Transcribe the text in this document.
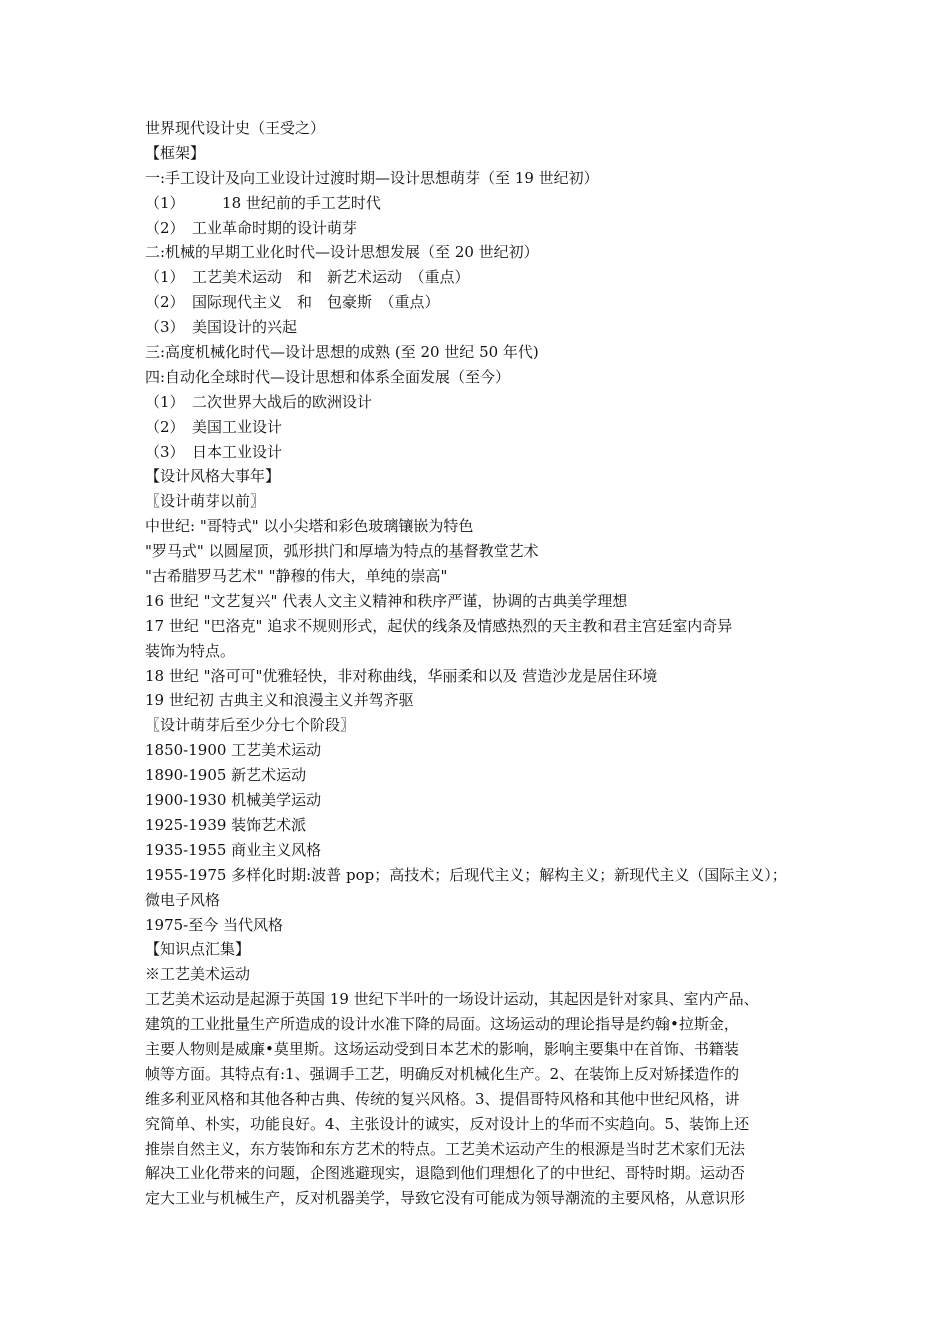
世界现代设计史（王受之）
【框架】
一:手工设计及向工业设计过渡时期—设计思想萌芽（至 19 世纪初）
（1）　　　18 世纪前的手工艺时代
（2）　工业革命时期的设计萌芽
二:机械的早期工业化时代—设计思想发展（至 20 世纪初）
（1）　工艺美术运动　和　新艺术运动　（重点）
（2）　国际现代主义　和　包豪斯　（重点）
（3）　美国设计的兴起
三:高度机械化时代—设计思想的成熟 (至 20 世纪 50 年代)
四:自动化全球时代—设计思想和体系全面发展（至今）
（1）　二次世界大战后的欧洲设计
（2）　美国工业设计
（3）　日本工业设计
【设计风格大事年】
〖设计萌芽以前〗
中世纪: "哥特式" 以小尖塔和彩色玻璃镶嵌为特色
"罗马式" 以圆屋顶，弧形拱门和厚墙为特点的基督教堂艺术
"古希腊罗马艺术" "静穆的伟大，单纯的崇高"
16 世纪 "文艺复兴" 代表人文主义精神和秩序严谨，协调的古典美学理想
17 世纪 "巴洛克" 追求不规则形式，起伏的线条及情感热烈的天主教和君主宫廷室内奇异
装饰为特点。
18 世纪 "洛可可"优雅轻快，非对称曲线，华丽柔和以及 营造沙龙是居住环境
19 世纪初 古典主义和浪漫主义并驾齐驱
〖设计萌芽后至少分七个阶段〗
1850-1900 工艺美术运动
1890-1905 新艺术运动
1900-1930 机械美学运动
1925-1939 装饰艺术派
1935-1955 商业主义风格
1955-1975 多样化时期:波普 pop；高技术；后现代主义；解构主义；新现代主义（国际主义）；
微电子风格
1975-至今 当代风格
【知识点汇集】
※工艺美术运动
工艺美术运动是起源于英国 19 世纪下半叶的一场设计运动，其起因是针对家具、室内产品、
建筑的工业批量生产所造成的设计水准下降的局面。这场运动的理论指导是约翰•拉斯金，
主要人物则是威廉•莫里斯。这场运动受到日本艺术的影响，影响主要集中在首饰、书籍装
帧等方面。其特点有:1、强调手工艺，明确反对机械化生产。2、在装饰上反对矫揉造作的
维多利亚风格和其他各种古典、传统的复兴风格。3、提倡哥特风格和其他中世纪风格，讲
究简单、朴实，功能良好。4、主张设计的诚实，反对设计上的华而不实趋向。5、装饰上还
推崇自然主义，东方装饰和东方艺术的特点。工艺美术运动产生的根源是当时艺术家们无法
解决工业化带来的问题，企图逃避现实，退隐到他们理想化了的中世纪、哥特时期。运动否
定大工业与机械生产，反对机器美学，导致它没有可能成为领导潮流的主要风格，从意识形
